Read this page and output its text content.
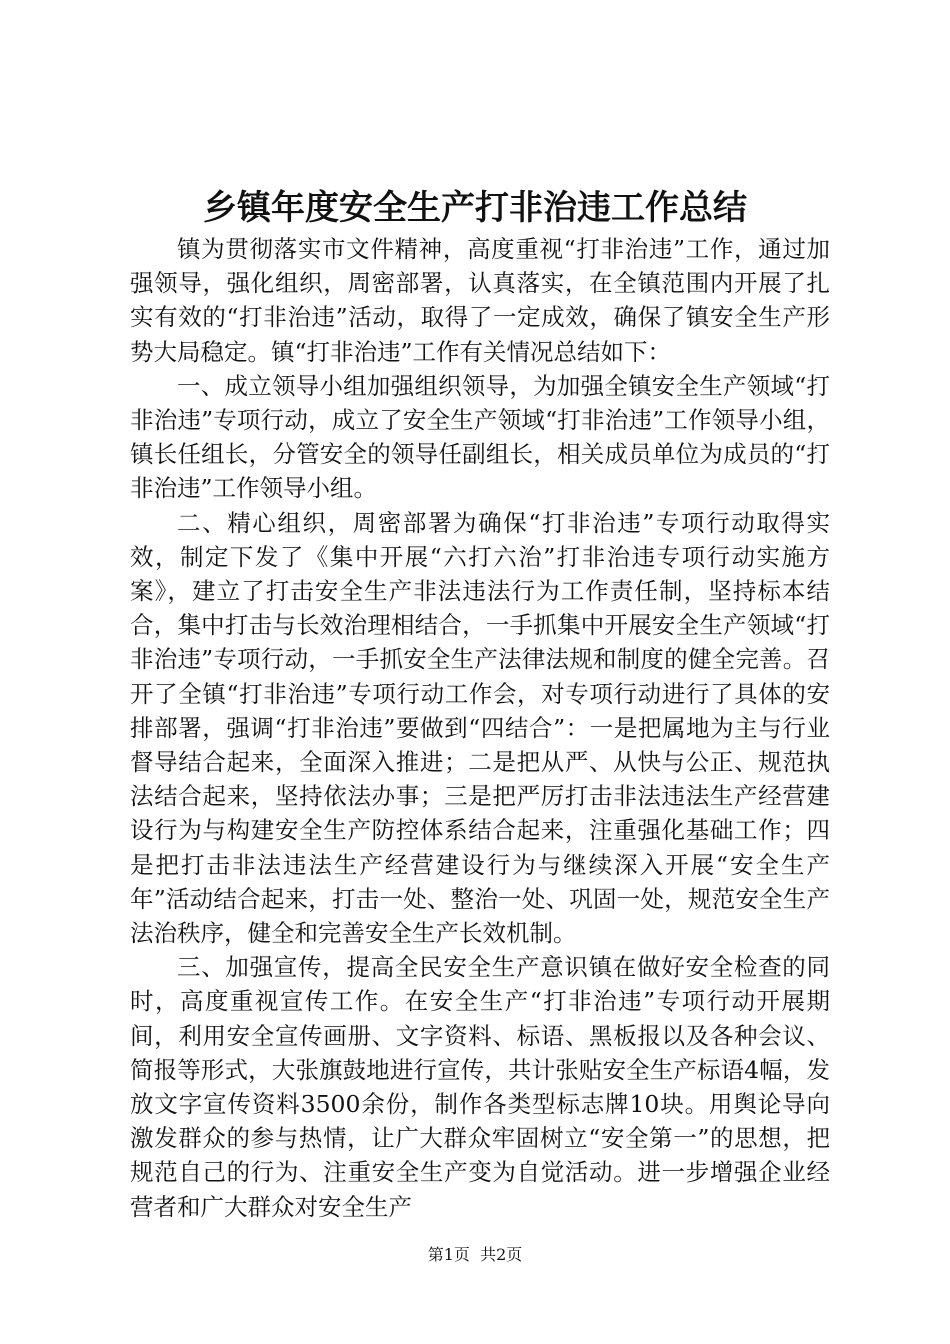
乡镇年度安全生产打非治违工作总结

镇为贯彻落实市文件精神，高度重视“打非治违”工作，通过加强领导，强化组织，周密部署，认真落实，在全镇范围内开展了扎实有效的“打非治违”活动，取得了一定成效，确保了镇安全生产形势大局稳定。镇“打非治违”工作有关情况总结如下：

一、成立领导小组加强组织领导，为加强全镇安全生产领域“打非治违”专项行动，成立了安全生产领域“打非治违”工作领导小组，镇长任组长，分管安全的领导任副组长，相关成员单位为成员的“打非治违”工作领导小组。

二、精心组织，周密部署为确保“打非治违”专项行动取得实效，制定下发了《集中开展“六打六治”打非治违专项行动实施方案》，建立了打击安全生产非法违法行为工作责任制，坚持标本结合，集中打击与长效治理相结合，一手抓集中开展安全生产领域“打非治违”专项行动，一手抓安全生产法律法规和制度的健全完善。召开了全镇“打非治违”专项行动工作会，对专项行动进行了具体的安排部署，强调“打非治违”要做到“四结合”：一是把属地为主与行业督导结合起来，全面深入推进；二是把从严、从快与公正、规范执法结合起来，坚持依法办事；三是把严厉打击非法违法生产经营建设行为与构建安全生产防控体系结合起来，注重强化基础工作；四是把打击非法违法生产经营建设行为与继续深入开展“安全生产年”活动结合起来，打击一处、整治一处、巩固一处，规范安全生产法治秩序，健全和完善安全生产长效机制。

三、加强宣传，提高全民安全生产意识镇在做好安全检查的同时，高度重视宣传工作。在安全生产“打非治违”专项行动开展期间，利用安全宣传画册、文字资料、标语、黑板报以及各种会议、简报等形式，大张旗鼓地进行宣传，共计张贴安全生产标语4幅，发放文字宣传资料3500余份，制作各类型标志牌10块。用舆论导向激发群众的参与热情，让广大群众牢固树立“安全第一”的思想，把规范自己的行为、注重安全生产变为自觉活动。进一步增强企业经营者和广大群众对安全生产

第1页  共2页
